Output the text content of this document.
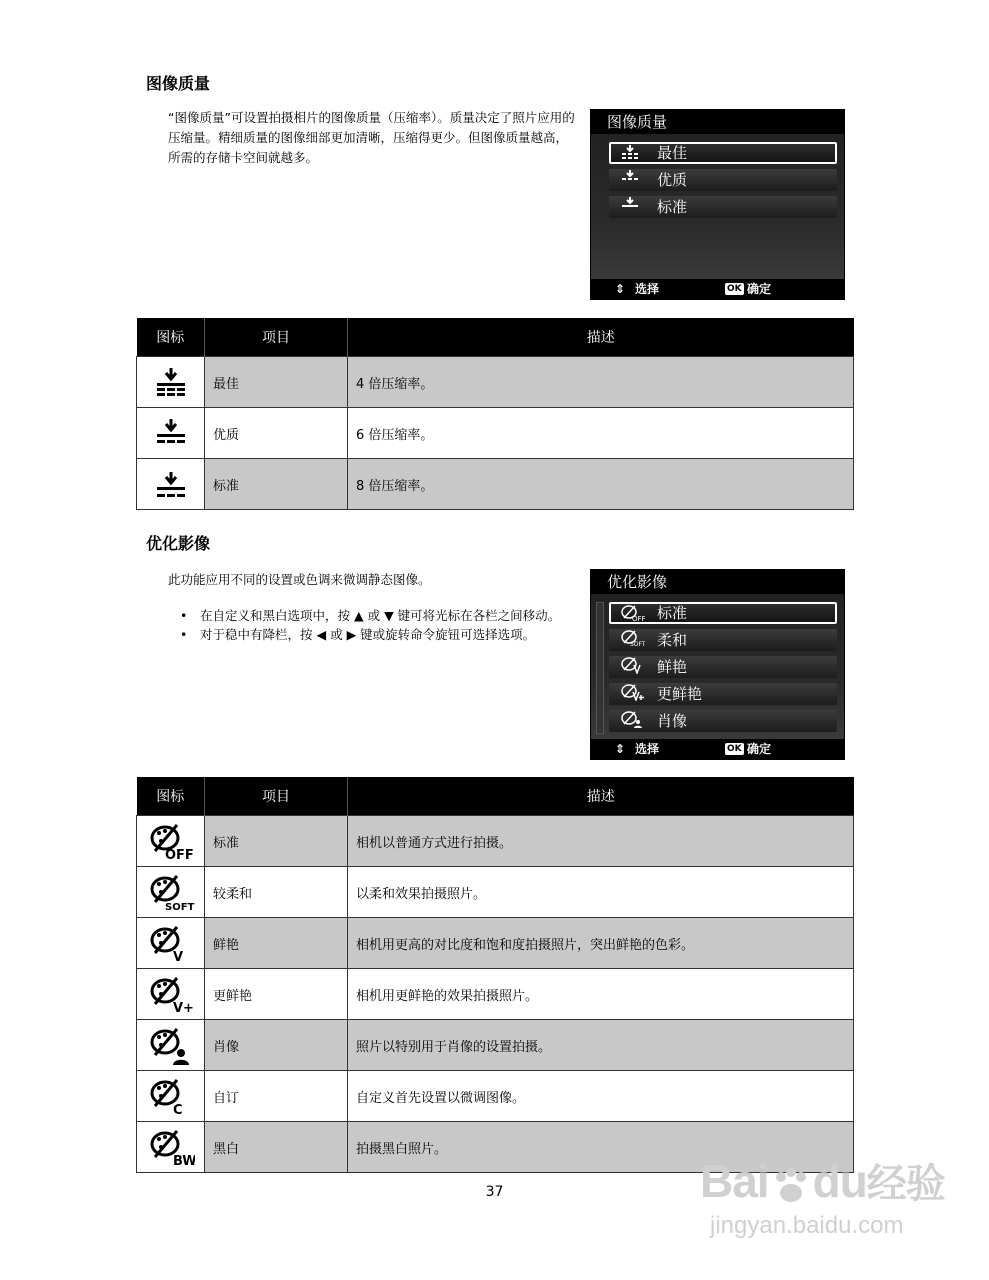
图像质量
“图像质量”可设置拍摄相片的图像质量（压缩率）。质量决定了照片应用的压缩量。精细质量的图像细部更加清晰，压缩得更少。但图像质量越高，所需的存储卡空间就越多。
图像质量
最佳
优质
标准
⇕ 选择	OK 确定
图标	项目	描述
	最佳	4 倍压缩率。
	优质	6 倍压缩率。
	标准	8 倍压缩率。
优化影像
此功能应用不同的设置或色调来微调静态图像。
• 在自定义和黑白选项中，按 ▲ 或 ▼ 键可将光标在各栏之间移动。
• 对于稳中有降栏，按 ◀ 或 ▶ 键或旋转命令旋钮可选择选项。
优化影像
OFF 标准
SOFT 柔和
鲜艳
更鲜艳
肖像
⇕ 选择	OK 确定
图标	项目	描述

OFF	标准	相机以普通方式进行拍摄。

SOFT	较柔和	以柔和效果拍摄照片。

V	鲜艳	相机用更高的对比度和饱和度拍摄照片，突出鲜艳的色彩。

V+	更鲜艳	相机用更鲜艳的效果拍摄照片。
	肖像	照片以特别用于肖像的设置拍摄。

C	自订	自定义首先设置以微调图像。

BW	黑白	拍摄黑白照片。
37	Bai du经验
jingyan.baidu.com
